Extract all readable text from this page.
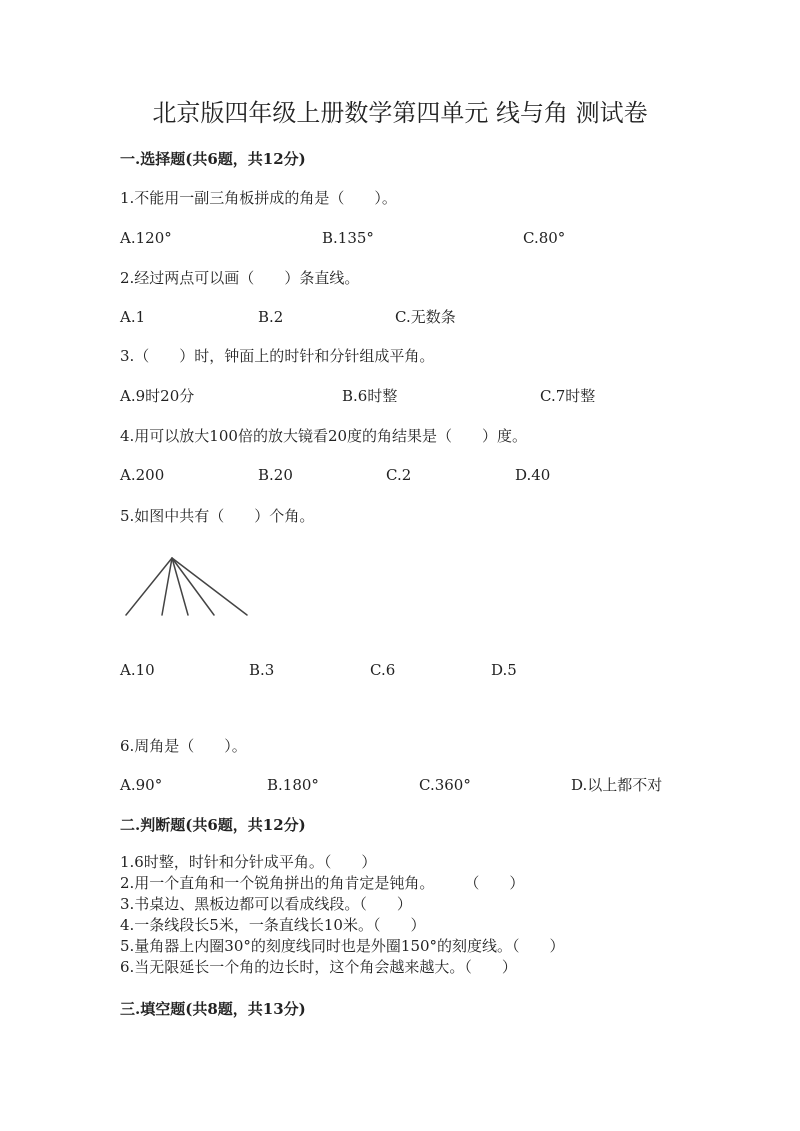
北京版四年级上册数学第四单元 线与角 测试卷
一.选择题(共6题，共12分)
1.不能用一副三角板拼成的角是（　　）。
A.120°	B.135°	C.80°
2.经过两点可以画（　　）条直线。
A.1	B.2	C.无数条
3.（　　）时，钟面上的时针和分针组成平角。
A.9时20分	B.6时整	C.7时整
4.用可以放大100倍的放大镜看20度的角结果是（　　）度。
A.200	B.20	C.2	D.40
5.如图中共有（　　）个角。
A.10	B.3	C.6	D.5
6.周角是（　　）。
A.90°	B.180°	C.360°	D.以上都不对
二.判断题(共6题，共12分)
1.6时整，时针和分针成平角。（　　）
2.用一个直角和一个锐角拼出的角肯定是钝角。　　　（　　）
3.书桌边、黑板边都可以看成线段。（　　）
4.一条线段长5米，一条直线长10米。（　　）
5.量角器上内圈30°的刻度线同时也是外圈150°的刻度线。（　　）
6.当无限延长一个角的边长时，这个角会越来越大。（　　）
三.填空题(共8题，共13分)
